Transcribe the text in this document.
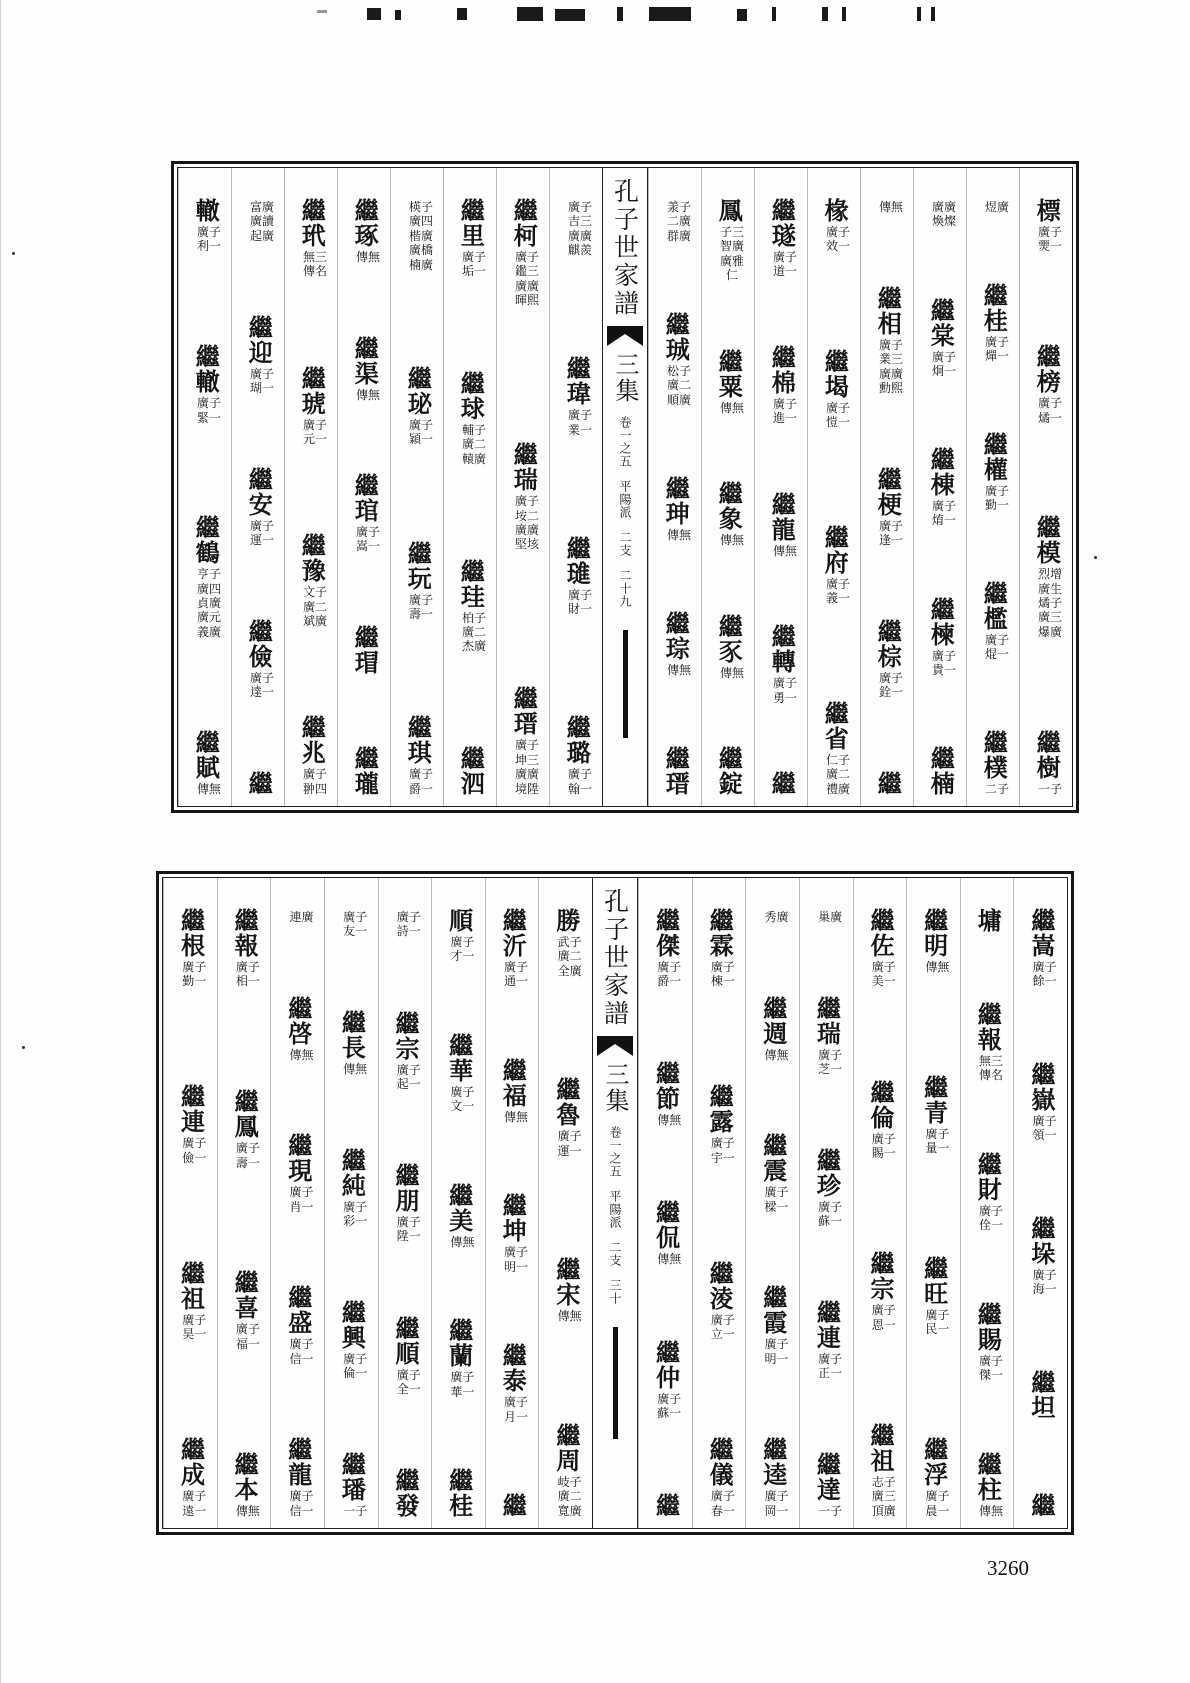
標
廣子燛一
繼榜
廣子燏一
繼模
烈增廣生燏子廣三爆廣
繼樹
一子
煜廣
繼桂
廣子燀一
繼權
廣子勤一
繼檻
廣子焜一
繼樸
二子
廣廣煥燦
繼棠
廣子炯一
繼棟
廣子焴一
繼楝
廣子貴一
繼楠
傳無
繼相
廣子業三廣廣勳熙
繼梗
廣子逢一
繼棕
廣子銓一
繼
椽
廣子效一
繼堨
廣子愷一
繼府
廣子義一
繼省
仁子廣二禮廣
繼璲
廣子道一
繼棉
廣子進一
繼龍
傳無
繼轉
廣子勇一
繼
鳳
子三智廣廣雅仁
繼粟
傳無
繼象
傳無
繼豕
傳無
繼錠
羕子二廣群廣
繼珹
松子廣二順廣
繼珅
傳無
繼琮
傳無
繼瑨
孔子世家譜
三集
卷一之五
平陽派
二支
二十九
廣子吉三廣廣麒羨
繼瑋
廣子業一
繼璡
廣子財一
繼璐
廣子翰一
繼柯
廣子鑑三廣廣暉熙
繼瑞
廣子垵二廣廣堅垓
繼瑨
廣子坤三廣廣境陞
繼里
廣子垢一
繼球
輔子廣二轅廣
繼珪
柏子廣二杰廣
繼泗
楧子廣四楷廣廣橋楠廣
繼珌
廣子穎一
繼玩
廣子壽一
繼琪
廣子爵一
繼琢
傳無
繼渠
傳無
繼琯
廣子嵩一
繼瑁
繼瓏
繼玳
無三傳名
繼琥
廣子元一
繼豫
文子廣二斌廣
繼兆
廣子翀四
富廣廣讀起廣
繼迎
廣子瑚一
繼安
廣子運一
繼儉
廣子達一
繼
轍
廣子利一
繼轍
廣子緊一
繼鶴
亨子廣四貞廣廣元義廣
繼賦
傳無
繼嵩
廣子餘一
繼嶽
廣子領一
繼垛
廣子海一
繼坦
繼
墉
繼報
無三傳名
繼財
廣子佺一
繼賜
廣子傑一
繼柱
傳無
繼明
傳無
繼青
廣子量一
繼旺
廣子民一
繼浮
廣子晨一
繼佐
廣子美一
繼倫
廣子賜一
繼宗
廣子恩一
繼祖
志子廣三頂廣
巢廣
繼瑞
廣子芝一
繼珍
廣子蘇一
繼連
廣子正一
繼達
一子
秀廣
繼週
傳無
繼震
廣子樑一
繼霞
廣子明一
繼逵
廣子岡一
繼霖
廣子棟一
繼露
廣子宇一
繼淩
廣子立一
繼儀
廣子春一
繼傑
廣子爵一
繼節
傳無
繼侃
傳無
繼仲
廣子蘇一
繼
孔子世家譜
三集
卷一之五
平陽派
二支
三十
勝
武子廣二全廣
繼魯
廣子運一
繼宋
傳無
繼周
岐子廣二寬廣
繼沂
廣子通一
繼福
傳無
繼坤
廣子明一
繼泰
廣子月一
繼
順
廣子才一
繼華
廣子文一
繼美
傳無
繼蘭
廣子華一
繼桂
廣子詩一
繼宗
廣子起一
繼朋
廣子陞一
繼順
廣子全一
繼發
廣子友一
繼長
傳無
繼純
廣子彩一
繼興
廣子倫一
繼璠
一子
連廣
繼啓
傳無
繼現
廣子肖一
繼盛
廣子信一
繼龍
廣子信一
繼報
廣子相一
繼鳳
廣子壽一
繼喜
廣子福一
繼本
傳無
繼根
廣子勤一
繼連
廣子儉一
繼祖
廣子昊一
繼成
廣子遠一
3260
